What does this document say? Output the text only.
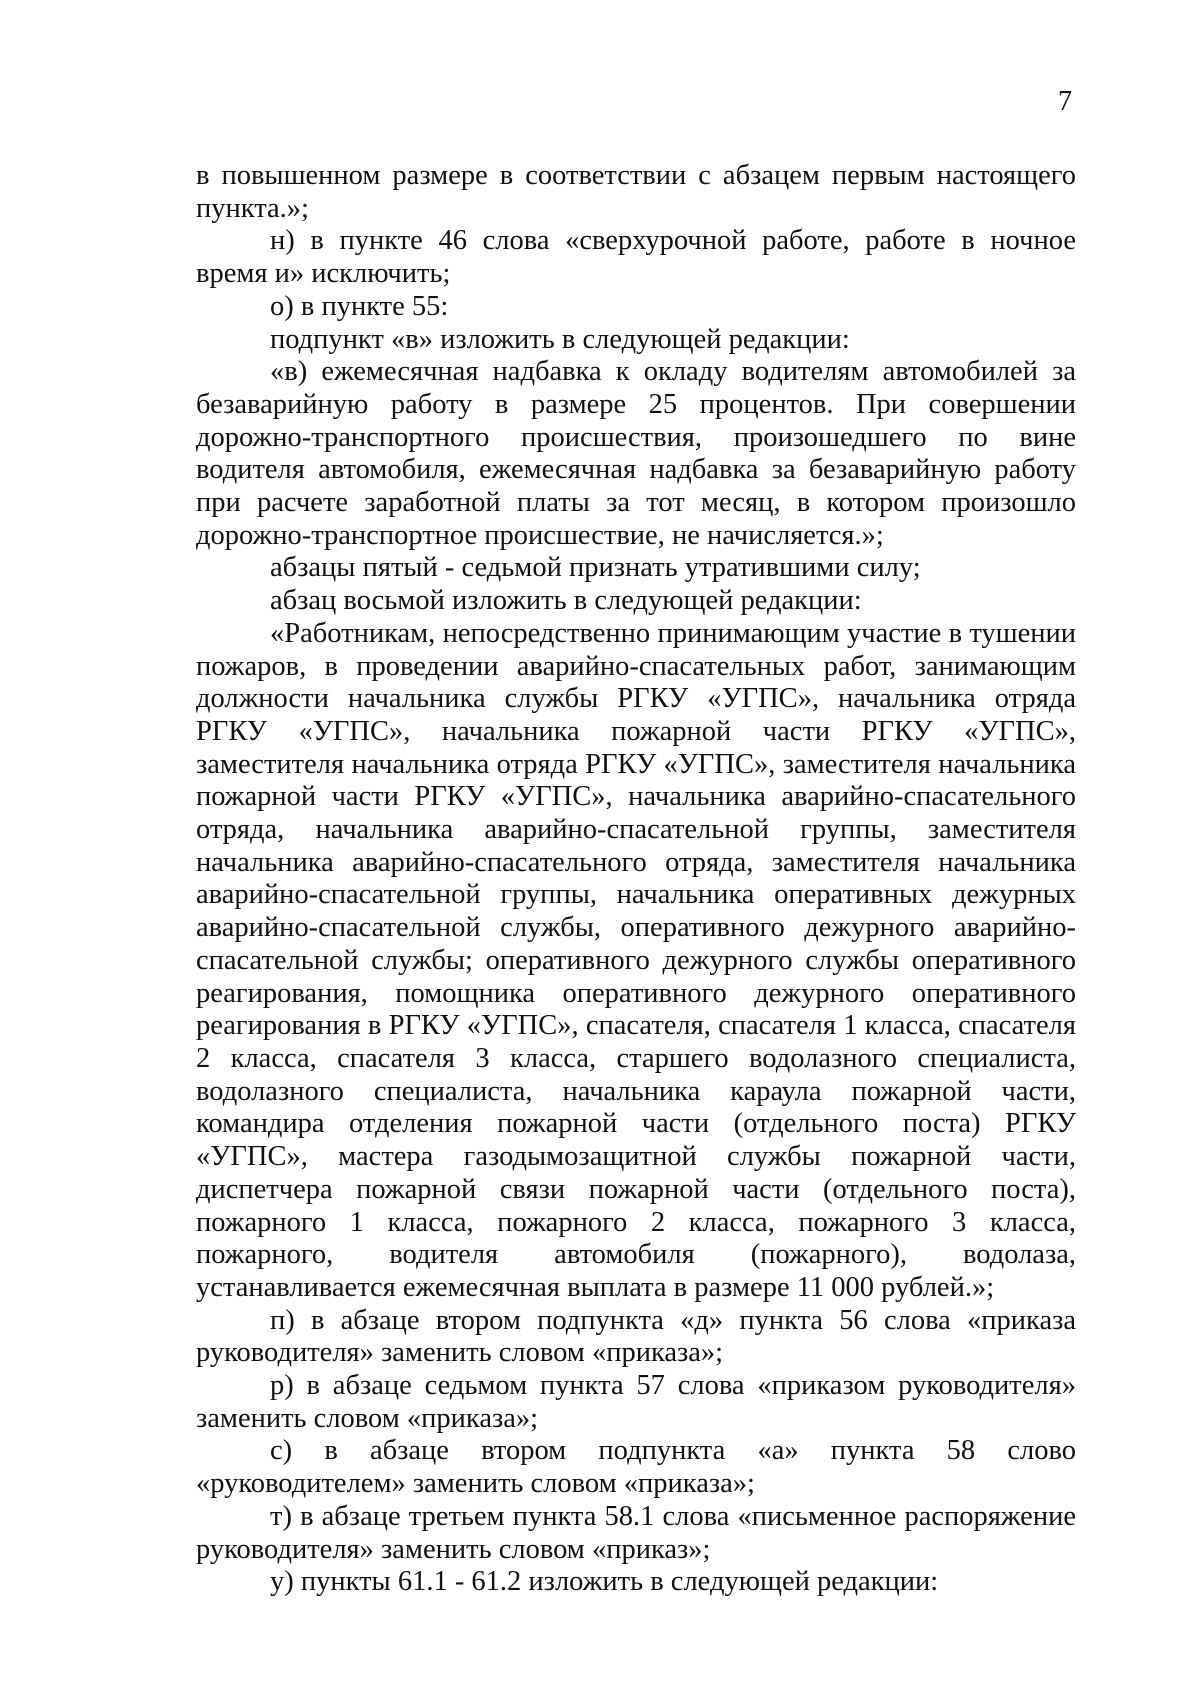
7

в повышенном размере в соответствии с абзацем первым настоящего пункта.»;

н) в пункте 46 слова «сверхурочной работе, работе в ночное время и» исключить;

о) в пункте 55:

подпункт «в» изложить в следующей редакции:

«в) ежемесячная надбавка к окладу водителям автомобилей за безаварийную работу в размере 25 процентов. При совершении дорожно-транспортного происшествия, произошедшего по вине водителя автомобиля, ежемесячная надбавка за безаварийную работу при расчете заработной платы за тот месяц, в котором произошло дорожно-транспортное происшествие, не начисляется.»;

абзацы пятый - седьмой признать утратившими силу;

абзац восьмой изложить в следующей редакции:

«Работникам, непосредственно принимающим участие в тушении пожаров, в проведении аварийно-спасательных работ, занимающим должности начальника службы РГКУ «УГПС», начальника отряда РГКУ «УГПС», начальника пожарной части РГКУ «УГПС», заместителя начальника отряда РГКУ «УГПС», заместителя начальника пожарной части РГКУ «УГПС», начальника аварийно-спасательного отряда, начальника аварийно-спасательной группы, заместителя начальника аварийно-спасательного отряда, заместителя начальника аварийно-спасательной группы, начальника оперативных дежурных аварийно-спасательной службы, оперативного дежурного аварийно-спасательной службы; оперативного дежурного службы оперативного реагирования, помощника оперативного дежурного оперативного реагирования в РГКУ «УГПС», спасателя, спасателя 1 класса, спасателя 2 класса, спасателя 3 класса, старшего водолазного специалиста, водолазного специалиста, начальника караула пожарной части, командира отделения пожарной части (отдельного поста) РГКУ «УГПС», мастера газодымозащитной службы пожарной части, диспетчера пожарной связи пожарной части (отдельного поста), пожарного 1 класса, пожарного 2 класса, пожарного 3 класса, пожарного, водителя автомобиля (пожарного), водолаза, устанавливается ежемесячная выплата в размере 11 000 рублей.»;

п) в абзаце втором подпункта «д» пункта 56 слова «приказа руководителя» заменить словом «приказа»;

р) в абзаце седьмом пункта 57 слова «приказом руководителя» заменить словом «приказа»;

с) в абзаце втором подпункта «а» пункта 58 слово «руководителем» заменить словом «приказа»;

т) в абзаце третьем пункта 58.1 слова «письменное распоряжение руководителя» заменить словом «приказ»;

у) пункты 61.1 - 61.2 изложить в следующей редакции:
